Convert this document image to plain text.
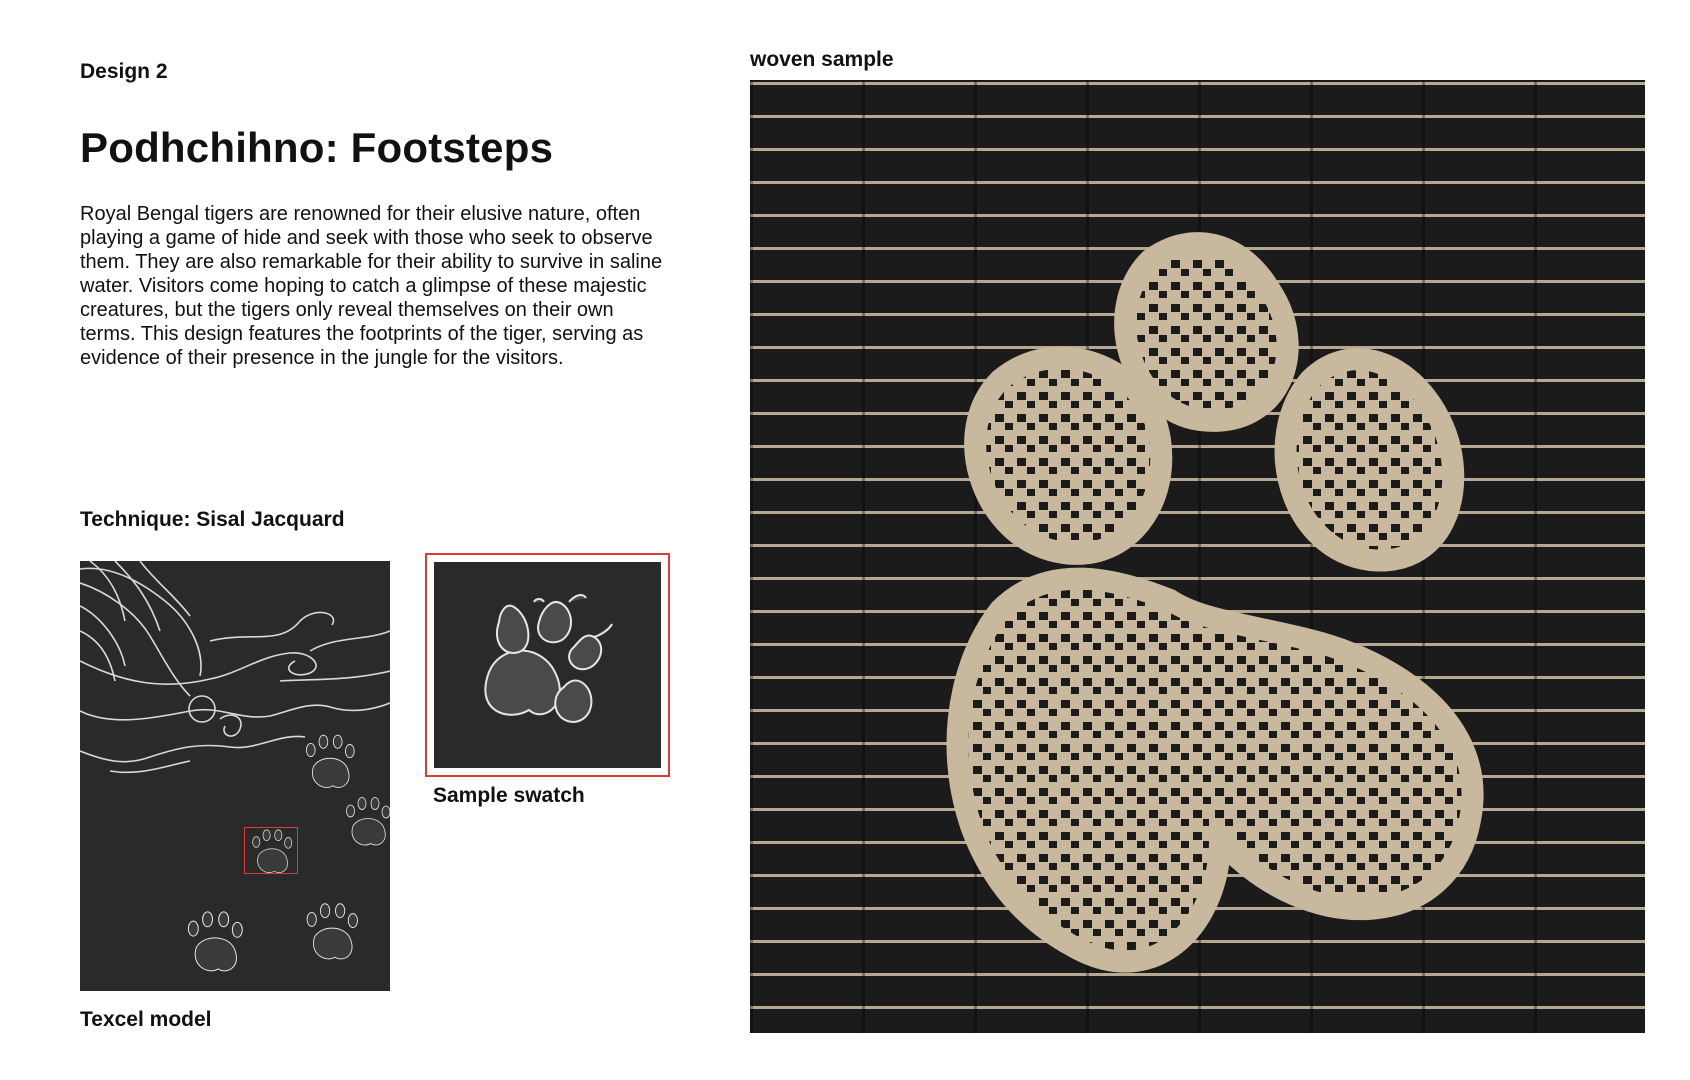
Design 2
Podhchihno: Footsteps
Royal Bengal tigers are renowned for their elusive nature, often playing a game of hide and seek with those who seek to observe them. They are also remarkable for their ability to survive in saline water. Visitors come hoping to catch a glimpse of these majestic creatures, but the tigers only reveal themselves on their own terms. This design features the footprints of the tiger, serving as evidence of their presence in the jungle for the visitors.
Technique: Sisal Jacquard
Texcel model
Sample swatch
woven sample
